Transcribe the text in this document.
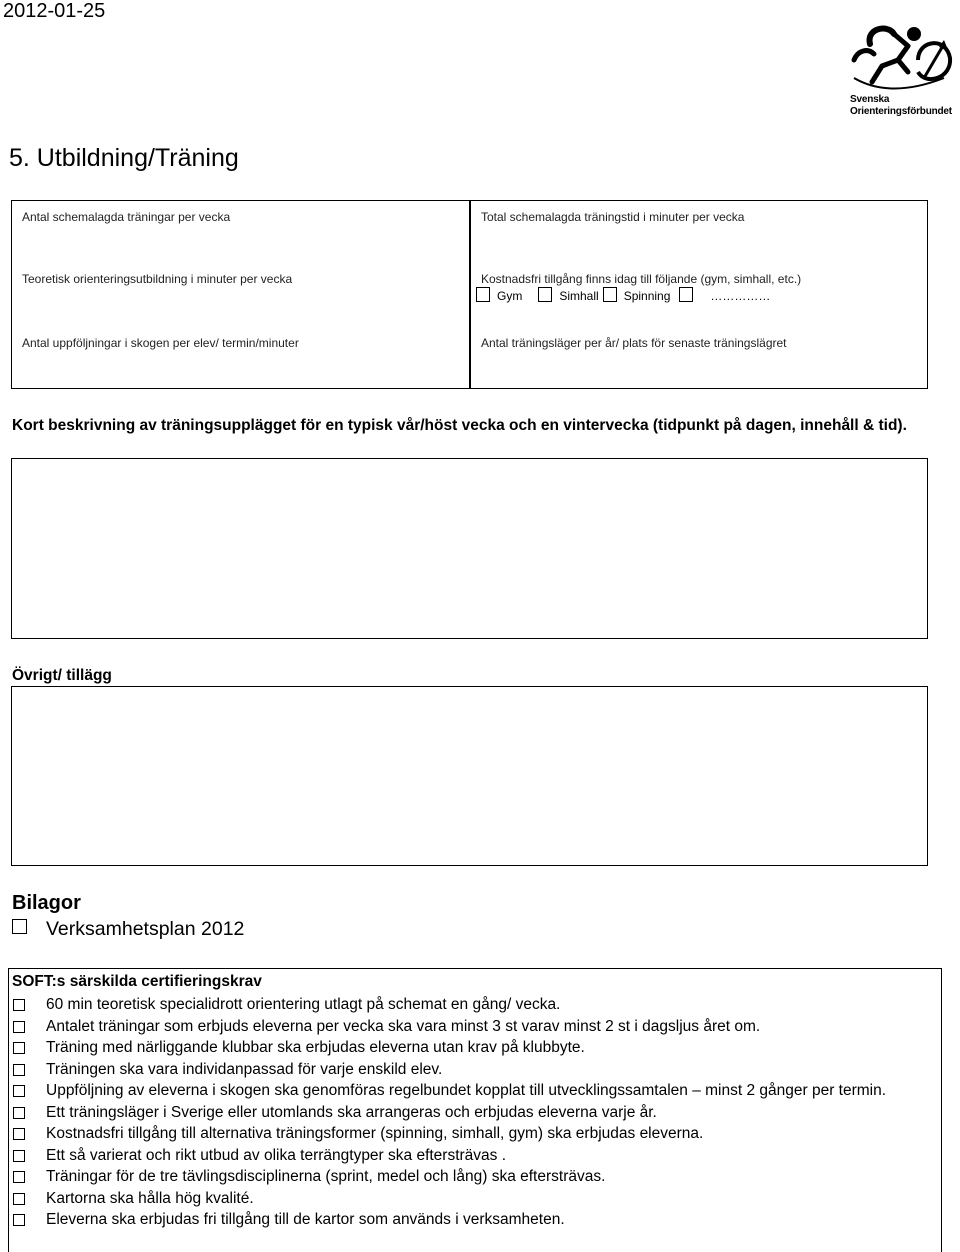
2012-01-25
Svenska
Orienteringsförbundet
5. Utbildning/Träning
Antal schemalagda träningar per vecka	Total schemalagda träningstid i minuter per vecka
Teoretisk orienteringsutbildning i minuter per vecka	Kostnadsfri tillgång finns idag till följande (gym, simhall, etc.)
Antal uppföljningar i skogen per elev/ termin/minuter	Antal träningsläger per år/ plats för senaste träningslägret
Gym	Simhall Spinning	……………

Kort beskrivning av träningsupplägget för en typisk vår/höst vecka och en vintervecka (tidpunkt på dagen, innehåll & tid).

Övrigt/ tillägg

Bilagor
Verksamhetsplan 2012
SOFT:s särskilda certifieringskrav
60 min teoretisk specialidrott orientering utlagt på schemat en gång/ vecka.
Antalet träningar som erbjuds eleverna per vecka ska vara minst 3 st varav minst 2 st i dagsljus året om.
Träning med närliggande klubbar ska erbjudas eleverna utan krav på klubbyte.
Träningen ska vara individanpassad för varje enskild elev.
Uppföljning av eleverna i skogen ska genomföras regelbundet kopplat till utvecklingssamtalen – minst 2 gånger per termin.
Ett träningsläger i Sverige eller utomlands ska arrangeras och erbjudas eleverna varje år.
Kostnadsfri tillgång till alternativa träningsformer (spinning, simhall, gym) ska erbjudas eleverna.
Ett så varierat och rikt utbud av olika terrängtyper ska eftersträvas .
Träningar för de tre tävlingsdisciplinerna (sprint, medel och lång) ska eftersträvas.
Kartorna ska hålla hög kvalité.
Eleverna ska erbjudas fri tillgång till de kartor som används i verksamheten.
